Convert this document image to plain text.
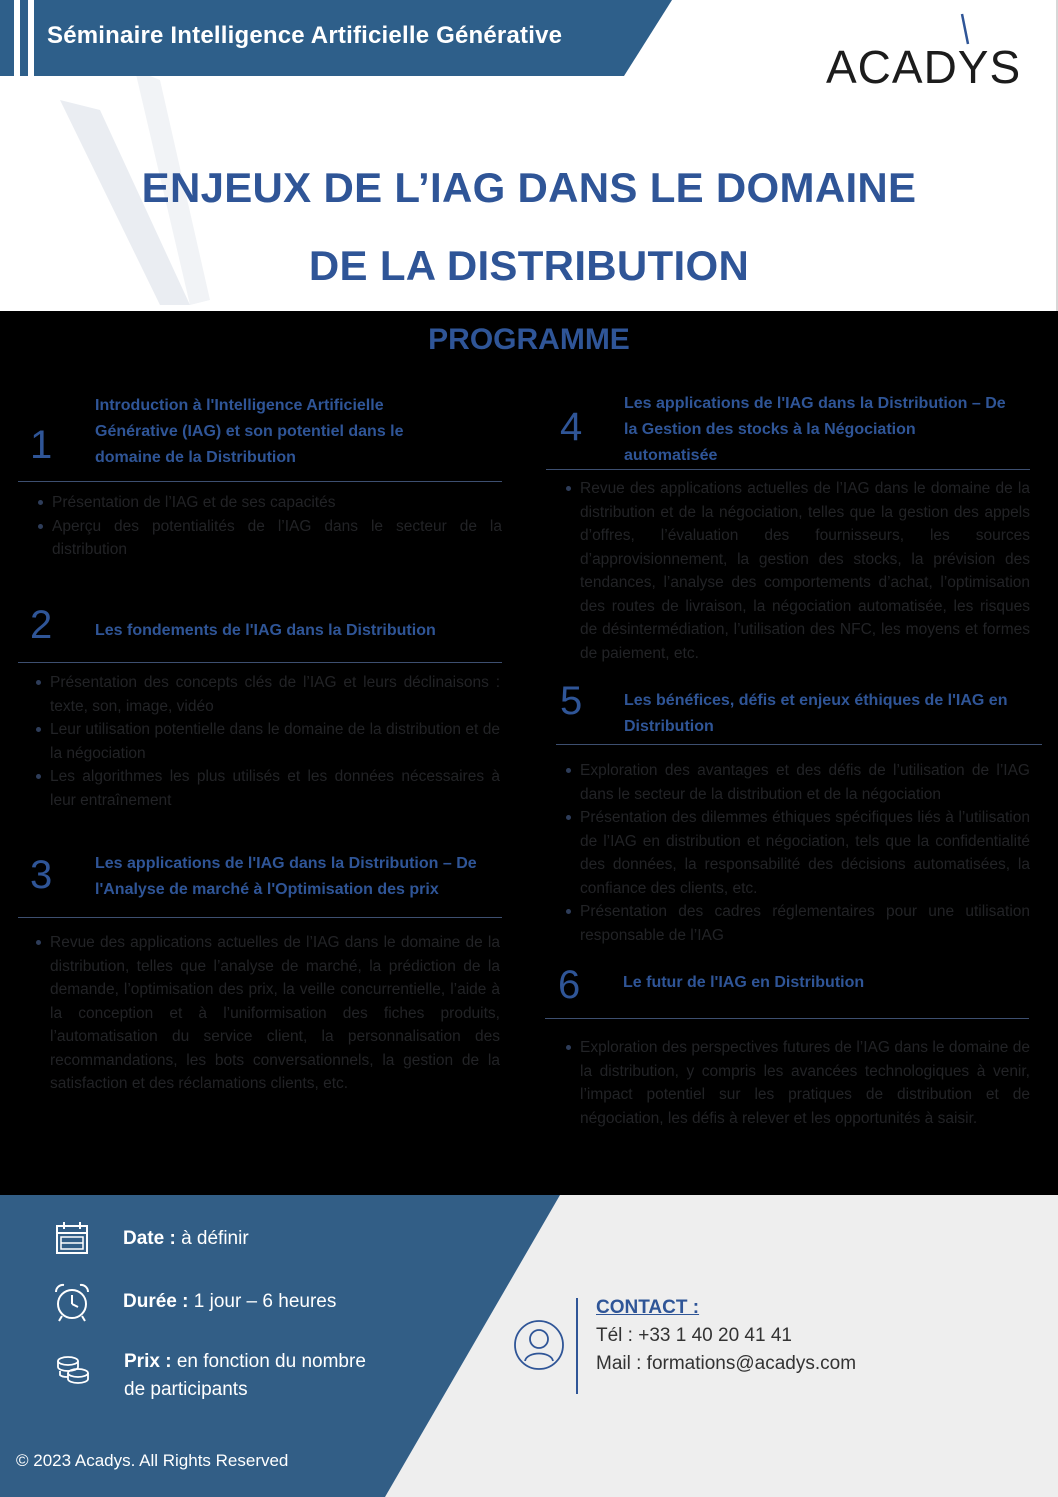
Séminaire Intelligence Artificielle Générative
ACADYS
ENJEUX DE L’IAG DANS LE DOMAINE
DE LA DISTRIBUTION
PROGRAMME
1
Introduction à l'Intelligence Artificielle
Générative (IAG) et son potentiel dans le
domaine de la Distribution
Présentation de l’IAG et de ses capacités
Aperçu des potentialités de l’IAG dans le secteur de la distribution
2	Les fondements de l'IAG dans la Distribution
Présentation des concepts clés de l’IAG et leurs déclinaisons : texte, son, image, vidéo
Leur utilisation potentielle dans le domaine de la distribution et de la négociation
Les algorithmes les plus utilisés et les données nécessaires à leur entraînement
3	Les applications de l'IAG dans la Distribution – De
l'Analyse de marché à l'Optimisation des prix
Revue des applications actuelles de l’IAG dans le domaine de la distribution, telles que l’analyse de marché, la prédiction de la demande, l’optimisation des prix, la veille concurrentielle, l’aide à la conception et à l’uniformisation des fiches produits, l’automatisation du service client, la personnalisation des recommandations, les bots conversationnels, la gestion de la satisfaction et des réclamations clients, etc.
4
Les applications de l'IAG dans la Distribution – De
la Gestion des stocks à la Négociation
automatisée
Revue des applications actuelles de l’IAG dans le domaine de la distribution et de la négociation, telles que la gestion des appels d’offres, l’évaluation des fournisseurs, les sources d’approvisionnement, la gestion des stocks, la prévision des tendances, l’analyse des comportements d’achat, l’optimisation des routes de livraison, la négociation automatisée, les risques de désintermédiation, l’utilisation des NFC, les moyens et formes de paiement, etc.
5	Les bénéfices, défis et enjeux éthiques de l'IAG en
Distribution
Exploration des avantages et des défis de l’utilisation de l’IAG dans le secteur de la distribution et de la négociation
Présentation des dilemmes éthiques spécifiques liés à l’utilisation de l’IAG en distribution et négociation, tels que la confidentialité des données, la responsabilité des décisions automatisées, la confiance des clients, etc.
Présentation des cadres réglementaires pour une utilisation responsable de l’IAG
6	Le futur de l'IAG en Distribution
Exploration des perspectives futures de l’IAG dans le domaine de la distribution, y compris les avancées technologiques à venir, l’impact potentiel sur les pratiques de distribution et de négociation, les défis à relever et les opportunités à saisir.
Date : à définir
Durée : 1 jour – 6 heures
Prix : en fonction du nombre
de participants
© 2023 Acadys. All Rights Reserved
CONTACT :
Tél : +33 1 40 20 41 41
Mail : formations@acadys.com
